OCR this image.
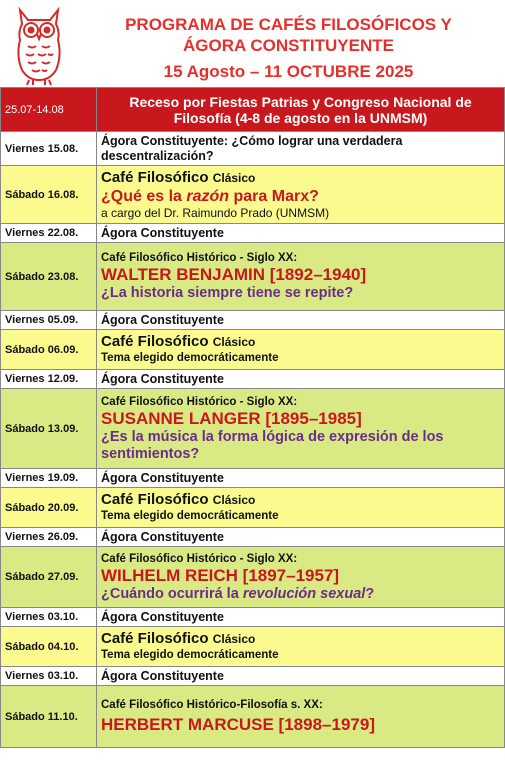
PROGRAMA DE CAFÉS FILOSÓFICOS Y
ÁGORA CONSTITUYENTE
15 Agosto – 11 OCTUBRE 2025
25.07-14.08	Receso por Fiestas Patrias y Congreso Nacional de
Filosofía (4-8 de agosto en la UNMSM)

Viernes 15.08.	Ágora Constituyente: ¿Cómo lograr una verdadera
descentralización?

Sábado 16.08.	Café Filosófico Clásico
¿Qué es la razón para Marx?
a cargo del Dr. Raimundo Prado (UNMSM)

Viernes 22.08.	Ágora Constituyente
Sábado 23.08.	Café Filosófico Histórico - Siglo XX:
WALTER BENJAMIN [1892–1940]
¿La historia siempre tiene se repite?

Viernes 05.09.	Ágora Constituyente
Sábado 06.09.	Café Filosófico Clásico
Tema elegido democráticamente

Viernes 12.09.	Ágora Constituyente
Sábado 13.09.	Café Filosófico Histórico - Siglo XX:
SUSANNE LANGER [1895–1985]
¿Es la música la forma lógica de expresión de los
sentimientos?

Viernes 19.09.	Ágora Constituyente
Sábado 20.09.	Café Filosófico Clásico
Tema elegido democráticamente

Viernes 26.09.	Ágora Constituyente
Sábado 27.09.	Café Filosófico Histórico - Siglo XX:
WILHELM REICH [1897–1957]
¿Cuándo ocurrirá la revolución sexual?

Viernes 03.10.	Ágora Constituyente
Sábado 04.10.	Café Filosófico Clásico
Tema elegido democráticamente

Viernes 03.10.	Ágora Constituyente
Sábado 11.10.	Café Filosófico Histórico-Filosofía s. XX:
HERBERT MARCUSE [1898–1979]
